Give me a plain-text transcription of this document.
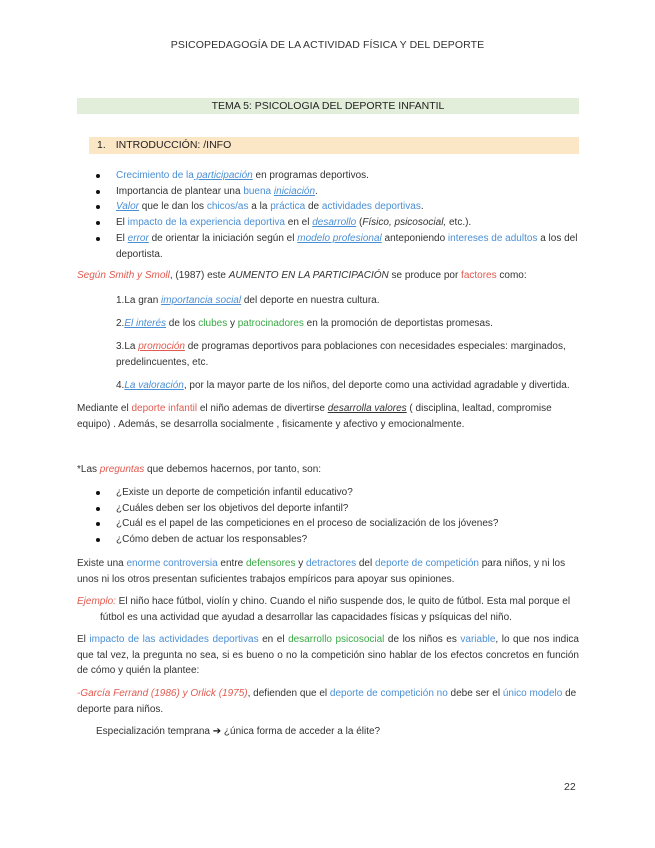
PSICOPEDAGOGÍA DE LA ACTIVIDAD FÍSICA Y DEL DEPORTE
TEMA 5: PSICOLOGIA DEL DEPORTE INFANTIL
1. INTRODUCCIÓN: /INFO
Crecimiento de la participación en programas deportivos.
Importancia de plantear una buena iniciación.
Valor que le dan los chicos/as a la práctica de actividades deportivas.
El impacto de la experiencia deportiva en el desarrollo (Físico, psicosocial, etc.).
El error de orientar la iniciación según el modelo profesional anteponiendo intereses de adultos a los del deportista.
Según Smith y Smoll, (1987) este AUMENTO EN LA PARTICIPACIÓN se produce por factores como:
1.La gran importancia social del deporte en nuestra cultura.
2.El interés de los clubes y patrocinadores en la promoción de deportistas promesas.
3.La promoción de programas deportivos para poblaciones con necesidades especiales: marginados, predelincuentes, etc.
4.La valoración, por la mayor parte de los niños, del deporte como una actividad agradable y divertida.
Mediante el deporte infantil el niño ademas de divertirse desarrolla valores ( disciplina, lealtad, compromise equipo) . Además, se desarrolla socialmente , fisicamente y afectivo y emocionalmente.
*Las preguntas que debemos hacernos, por tanto, son:
¿Existe un deporte de competición infantil educativo?
¿Cuáles deben ser los objetivos del deporte infantil?
¿Cuál es el papel de las competiciones en el proceso de socialización de los jóvenes?
¿Cómo deben de actuar los responsables?
Existe una enorme controversia entre defensores y detractores del deporte de competición para niños, y ni los unos ni los otros presentan suficientes trabajos empíricos para apoyar sus opiniones.
Ejemplo: El niño hace fútbol, violín y chino. Cuando el niño suspende dos, le quito de fútbol. Esta mal porque el fútbol es una actividad que ayudad a desarrollar las capacidades físicas y psíquicas del niño.
El impacto de las actividades deportivas en el desarrollo psicosocial de los niños es variable, lo que nos indica que tal vez, la pregunta no sea, si es bueno o no la competición sino hablar de los efectos concretos en función de cómo y quién la plantee:
-García Ferrand (1986) y Orlick (1975), defienden que el deporte de competición no debe ser el único modelo de deporte para niños.
Especialización temprana ➔ ¿única forma de acceder a la élite?
22
